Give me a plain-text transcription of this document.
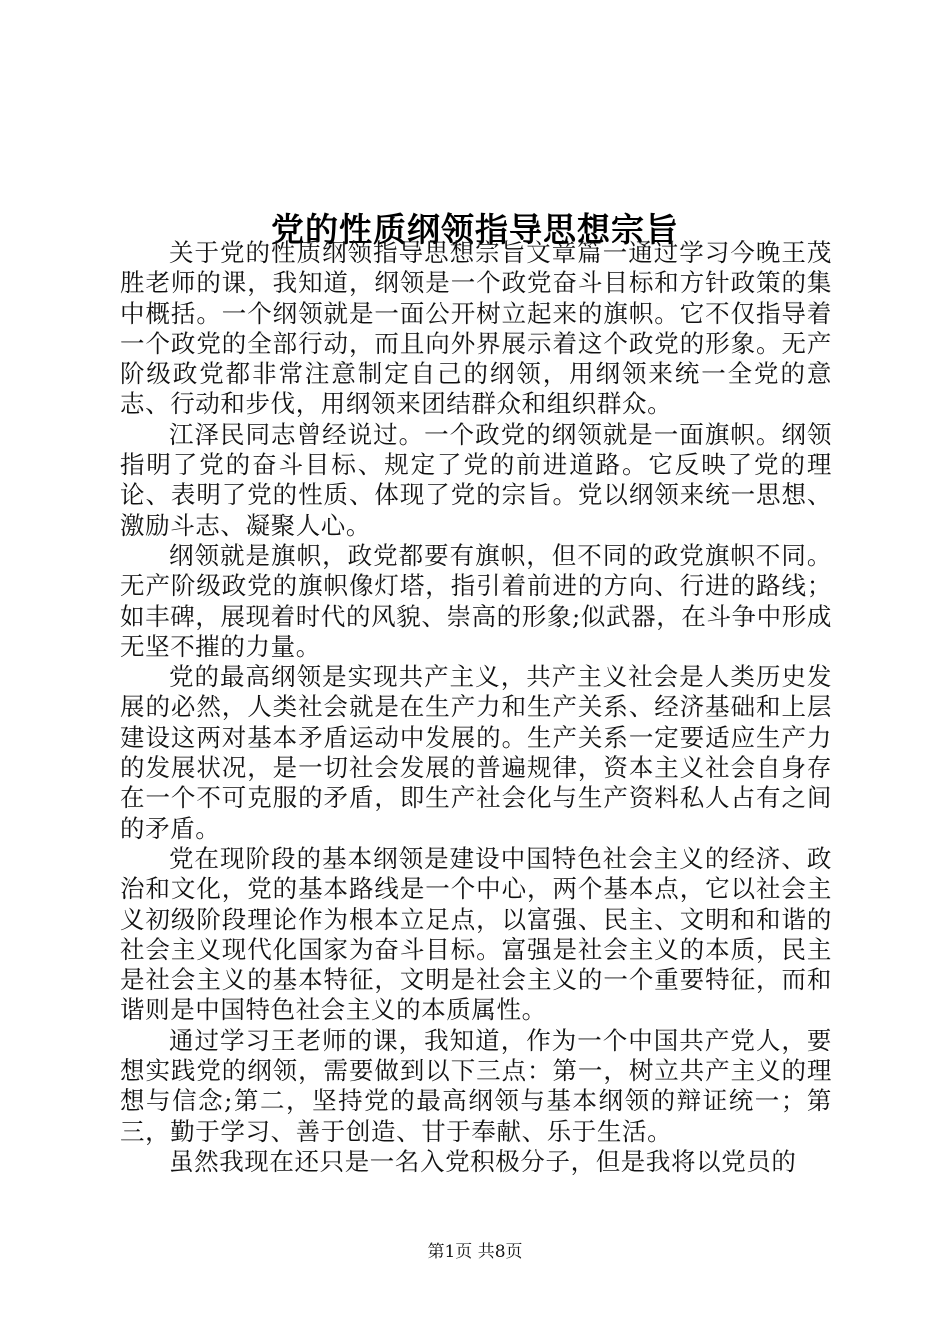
党的性质纲领指导思想宗旨

关于党的性质纲领指导思想宗旨文章篇一通过学习今晚王茂胜老师的课，我知道，纲领是一个政党奋斗目标和方针政策的集中概括。一个纲领就是一面公开树立起来的旗帜。它不仅指导着一个政党的全部行动，而且向外界展示着这个政党的形象。无产阶级政党都非常注意制定自己的纲领，用纲领来统一全党的意志、行动和步伐，用纲领来团结群众和组织群众。

江泽民同志曾经说过。一个政党的纲领就是一面旗帜。纲领指明了党的奋斗目标、规定了党的前进道路。它反映了党的理论、表明了党的性质、体现了党的宗旨。党以纲领来统一思想、激励斗志、凝聚人心。

纲领就是旗帜，政党都要有旗帜，但不同的政党旗帜不同。无产阶级政党的旗帜像灯塔，指引着前进的方向、行进的路线；如丰碑，展现着时代的风貌、崇高的形象;似武器，在斗争中形成无坚不摧的力量。

党的最高纲领是实现共产主义，共产主义社会是人类历史发展的必然，人类社会就是在生产力和生产关系、经济基础和上层建设这两对基本矛盾运动中发展的。生产关系一定要适应生产力的发展状况，是一切社会发展的普遍规律，资本主义社会自身存在一个不可克服的矛盾，即生产社会化与生产资料私人占有之间的矛盾。

党在现阶段的基本纲领是建设中国特色社会主义的经济、政治和文化，党的基本路线是一个中心，两个基本点，它以社会主义初级阶段理论作为根本立足点，以富强、民主、文明和和谐的社会主义现代化国家为奋斗目标。富强是社会主义的本质，民主是社会主义的基本特征，文明是社会主义的一个重要特征，而和谐则是中国特色社会主义的本质属性。

通过学习王老师的课，我知道，作为一个中国共产党人，要想实践党的纲领，需要做到以下三点：第一，树立共产主义的理想与信念;第二，坚持党的最高纲领与基本纲领的辩证统一；第三，勤于学习、善于创造、甘于奉献、乐于生活。

虽然我现在还只是一名入党积极分子，但是我将以党员的

第1页 共8页
